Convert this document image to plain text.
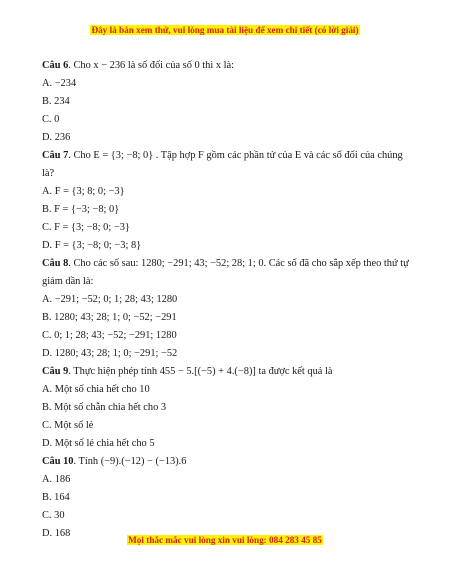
Đây là bản xem thử, vui lòng mua tài liệu để xem chi tiết (có lời giải)
Câu 6. Cho x − 236 là số đối của số 0 thì x là:
A. −234
B. 234
C. 0
D. 236
Câu 7. Cho E = {3; −8; 0} . Tập hợp F gồm các phần tử của E và các số đối của chúng là?
A. F = {3; 8; 0; −3}
B. F = {−3; −8; 0}
C. F = {3; −8; 0; −3}
D. F = {3; −8; 0; −3; 8}
Câu 8. Cho các số sau: 1280; −291; 43; −52; 28; 1; 0. Các số đã cho sắp xếp theo thứ tự giảm dần là:
A. −291; −52; 0; 1; 28; 43; 1280
B. 1280; 43; 28; 1; 0; −52; −291
C. 0; 1; 28; 43; −52; −291; 1280
D. 1280; 43; 28; 1; 0; −291; −52
Câu 9. Thực hiện phép tính 455 − 5.[(−5) + 4.(−8)] ta được kết quả là
A. Một số chia hết cho 10
B. Một số chẵn chia hết cho 3
C. Một số lẻ
D. Một số lẻ chia hết cho 5
Câu 10. Tính (−9).(−12) − (−13).6
A. 186
B. 164
C. 30
D. 168
Mọi thắc mắc vui lòng xin vui lòng: 084 283 45 85
